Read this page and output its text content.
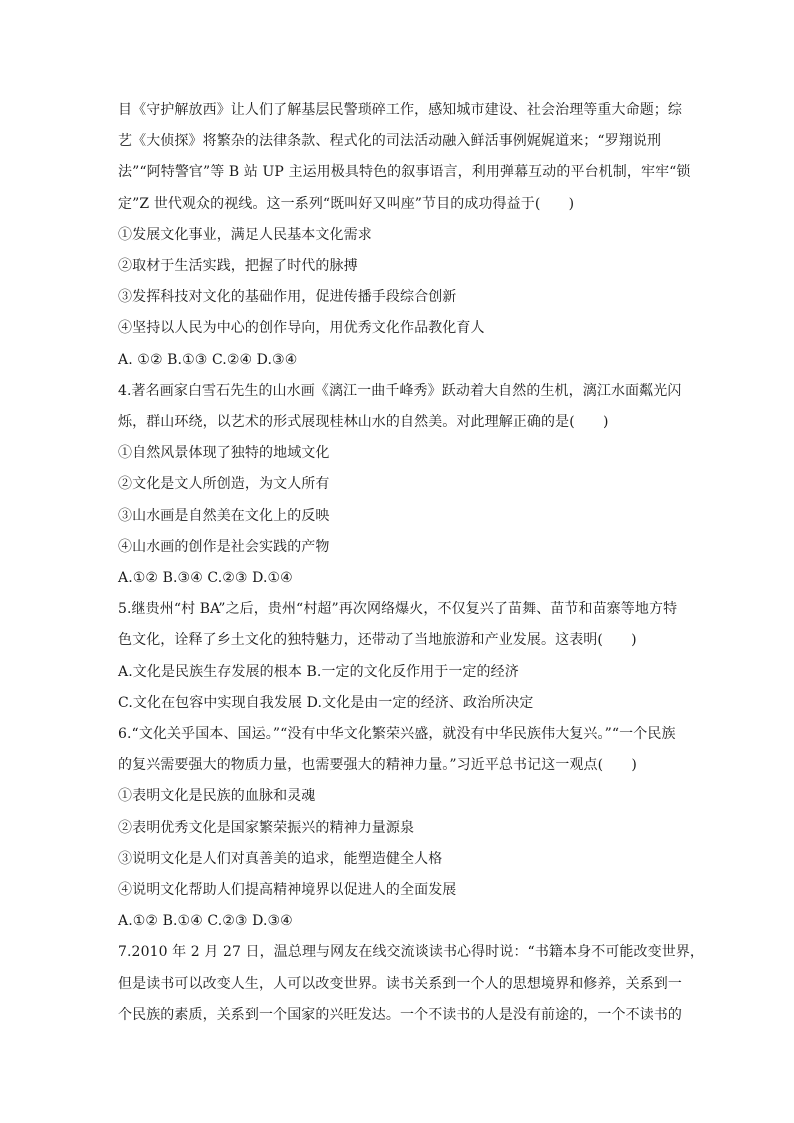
目《守护解放西》让人们了解基层民警琐碎工作，感知城市建设、社会治理等重大命题；综

艺《大侦探》将繁杂的法律条款、程式化的司法活动融入鲜活事例娓娓道来；“罗翔说刑

法”“阿特警官”等 B 站 UP 主运用极具特色的叙事语言，利用弹幕互动的平台机制，牢牢“锁

定”Z 世代观众的视线。这一系列“既叫好又叫座”节目的成功得益于(　　)

①发展文化事业，满足人民基本文化需求

②取材于生活实践，把握了时代的脉搏

③发挥科技对文化的基础作用，促进传播手段综合创新

④坚持以人民为中心的创作导向，用优秀文化作品教化育人

A. ①② B.①③ C.②④ D.③④

4.著名画家白雪石先生的山水画《漓江一曲千峰秀》跃动着大自然的生机，漓江水面粼光闪

烁，群山环绕，以艺术的形式展现桂林山水的自然美。对此理解正确的是(　　)

①自然风景体现了独特的地域文化

②文化是文人所创造，为文人所有

③山水画是自然美在文化上的反映

④山水画的创作是社会实践的产物

A.①② B.③④ C.②③ D.①④

5.继贵州“村 BA”之后，贵州“村超”再次网络爆火，不仅复兴了苗舞、苗节和苗寨等地方特

色文化，诠释了乡土文化的独特魅力，还带动了当地旅游和产业发展。这表明(　　)

A.文化是民族生存发展的根本 B.一定的文化反作用于一定的经济

C.文化在包容中实现自我发展 D.文化是由一定的经济、政治所决定

6.“文化关乎国本、国运。”“没有中华文化繁荣兴盛，就没有中华民族伟大复兴。”“一个民族

的复兴需要强大的物质力量，也需要强大的精神力量。”习近平总书记这一观点(　　)

①表明文化是民族的血脉和灵魂

②表明优秀文化是国家繁荣振兴的精神力量源泉

③说明文化是人们对真善美的追求，能塑造健全人格

④说明文化帮助人们提高精神境界以促进人的全面发展

A.①② B.①④ C.②③ D.③④

7.2010 年 2 月 27 日，温总理与网友在线交流谈读书心得时说：“书籍本身不可能改变世界，

但是读书可以改变人生，人可以改变世界。读书关系到一个人的思想境界和修养，关系到一

个民族的素质，关系到一个国家的兴旺发达。一个不读书的人是没有前途的，一个不读书的
